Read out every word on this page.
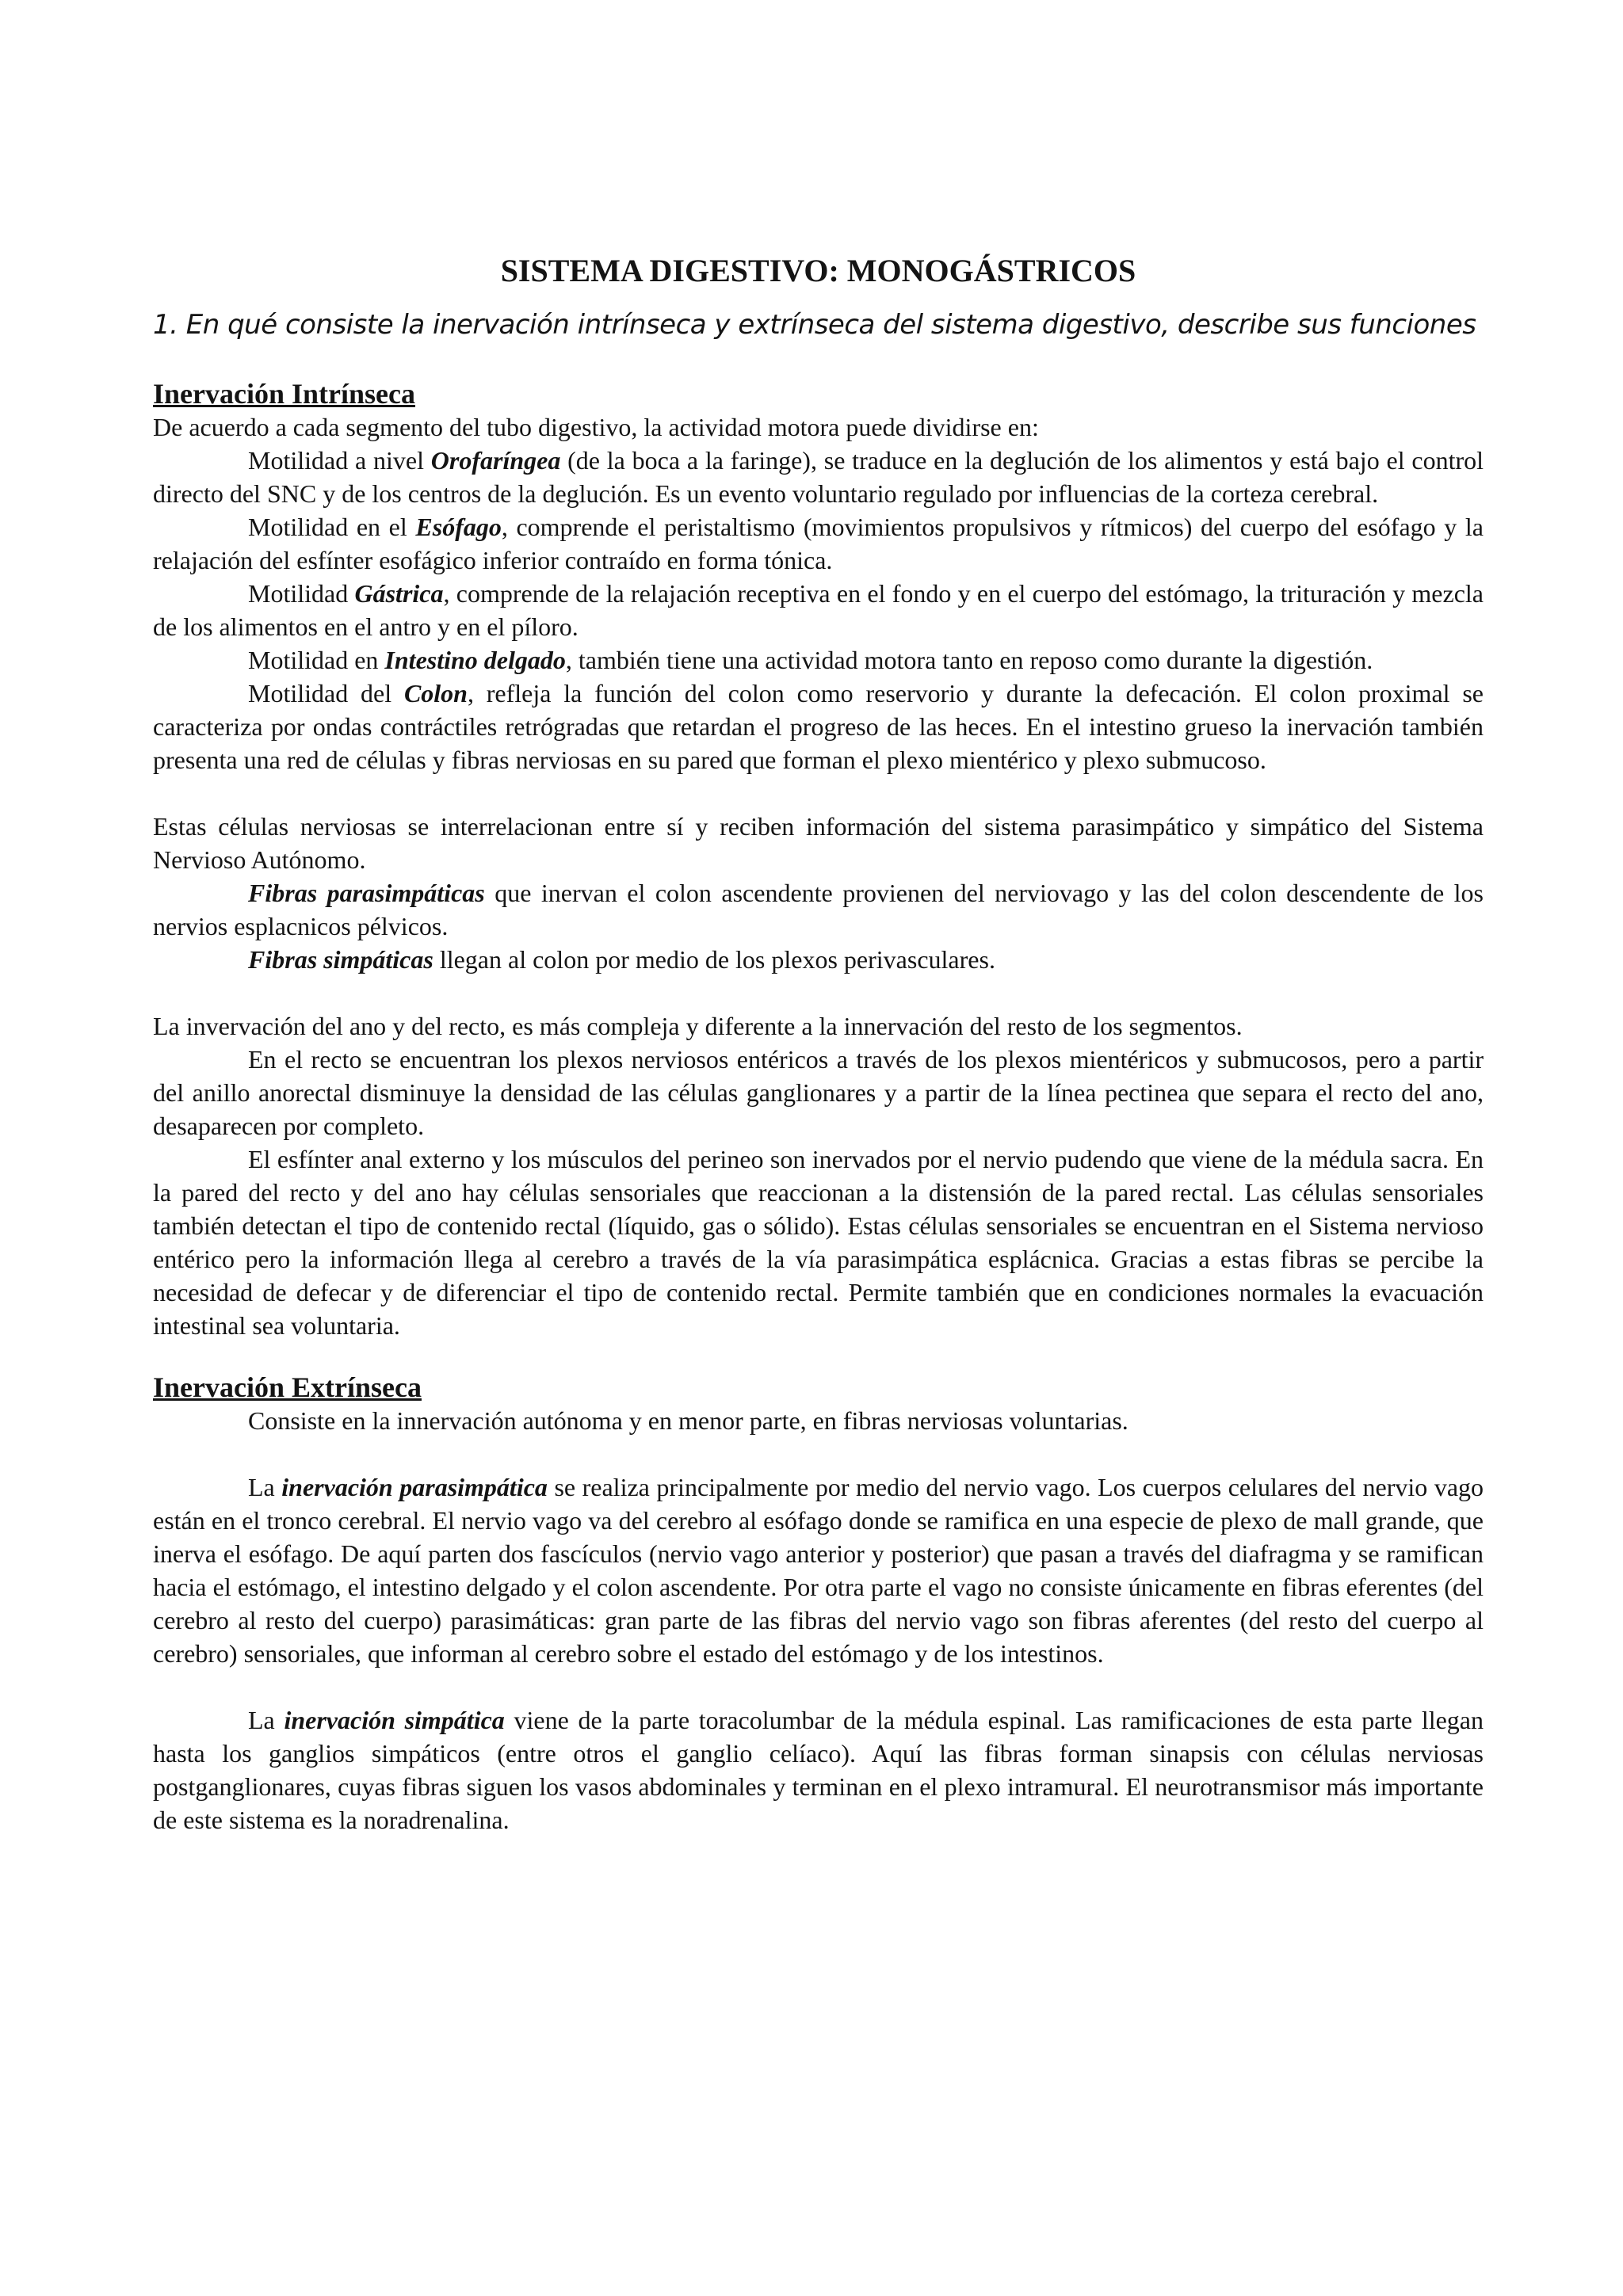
SISTEMA DIGESTIVO: MONOGÁSTRICOS
1. En qué consiste la inervación intrínseca y extrínseca del sistema digestivo, describe sus funciones
Inervación Intrínseca

De acuerdo a cada segmento del tubo digestivo, la actividad motora puede dividirse en:

Motilidad a nivel Orofaríngea (de la boca a la faringe), se traduce en la deglución de los alimentos y está bajo el control directo del SNC y de los centros de la deglución. Es un evento voluntario regulado por influencias de la corteza cerebral.

Motilidad en el Esófago, comprende el peristaltismo (movimientos propulsivos y rítmicos) del cuerpo del esófago y la relajación del esfínter esofágico inferior contraído en forma tónica.

Motilidad Gástrica, comprende de la relajación receptiva en el fondo y en el cuerpo del estómago, la trituración y mezcla de los alimentos en el antro y en el píloro.

Motilidad en Intestino delgado, también tiene una actividad motora tanto en reposo como durante la digestión.

Motilidad del Colon, refleja la función del colon como reservorio y durante la defecación. El colon proximal se caracteriza por ondas contráctiles retrógradas que retardan el progreso de las heces. En el intestino grueso la inervación también presenta una red de células y fibras nerviosas en su pared que forman el plexo mientérico y plexo submucoso.

Estas células nerviosas se interrelacionan entre sí y reciben información del sistema parasimpático y simpático del Sistema Nervioso Autónomo.

Fibras parasimpáticas que inervan el colon ascendente provienen del nerviovago y las del colon descendente de los nervios esplacnicos pélvicos.

Fibras simpáticas llegan al colon por medio de los plexos perivasculares.

La invervación del ano y del recto, es más compleja y diferente a la innervación del resto de los segmentos.

En el recto se encuentran los plexos nerviosos entéricos a través de los plexos mientéricos y submucosos, pero a partir del anillo anorectal disminuye la densidad de las células ganglionares y a partir de la línea pectinea que separa el recto del ano, desaparecen por completo.

El esfínter anal externo y los músculos del perineo son inervados por el nervio pudendo que viene de la médula sacra. En la pared del recto y del ano hay células sensoriales que reaccionan a la distensión de la pared rectal. Las células sensoriales también detectan el tipo de contenido rectal (líquido, gas o sólido). Estas células sensoriales se encuentran en el Sistema nervioso entérico pero la información llega al cerebro a través de la vía parasimpática esplácnica. Gracias a estas fibras se percibe la necesidad de defecar y de diferenciar el tipo de contenido rectal. Permite también que en condiciones normales la evacuación intestinal sea voluntaria.

Inervación Extrínseca

Consiste en la innervación autónoma y en menor parte, en fibras nerviosas voluntarias.

La inervación parasimpática se realiza principalmente por medio del nervio vago. Los cuerpos celulares del nervio vago están en el tronco cerebral. El nervio vago va del cerebro al esófago donde se ramifica en una especie de plexo de mall grande, que inerva el esófago. De aquí parten dos fascículos (nervio vago anterior y posterior) que pasan a través del diafragma y se ramifican hacia el estómago, el intestino delgado y el colon ascendente. Por otra parte el vago no consiste únicamente en fibras eferentes (del cerebro al resto del cuerpo) parasimáticas: gran parte de las fibras del nervio vago son fibras aferentes (del resto del cuerpo al cerebro) sensoriales, que informan al cerebro sobre el estado del estómago y de los intestinos.

La inervación simpática viene de la parte toracolumbar de la médula espinal. Las ramificaciones de esta parte llegan hasta los ganglios simpáticos (entre otros el ganglio celíaco). Aquí las fibras forman sinapsis con células nerviosas postganglionares, cuyas fibras siguen los vasos abdominales y terminan en el plexo intramural. El neurotransmisor más importante de este sistema es la noradrenalina.
